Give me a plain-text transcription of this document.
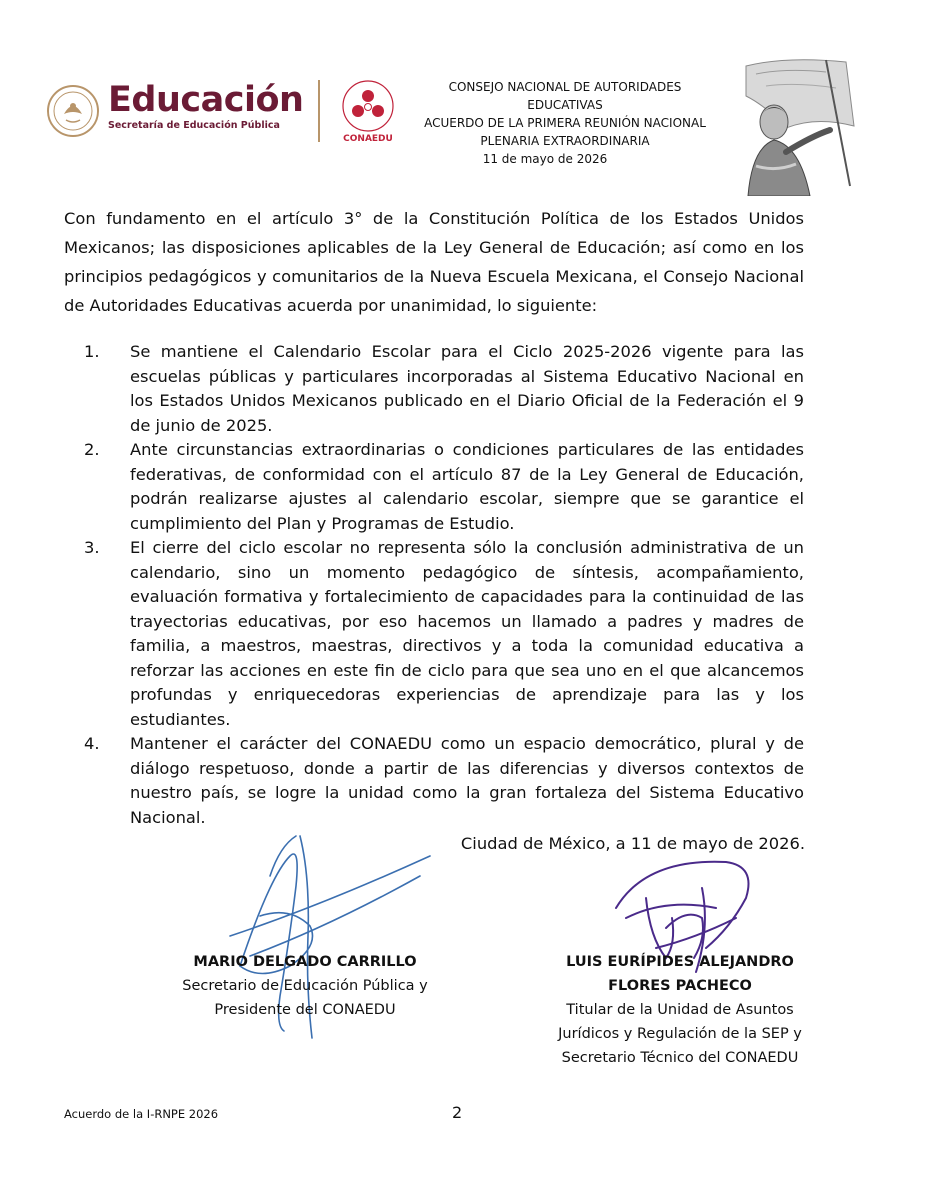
Educación
Secretaría de Educación Pública
CONAEDU
CONSEJO NACIONAL DE AUTORIDADES
EDUCATIVAS
ACUERDO DE LA PRIMERA REUNIÓN NACIONAL
PLENARIA EXTRAORDINARIA
11 de mayo de 2026
Con fundamento en el artículo 3° de la Constitución Política de los Estados Unidos Mexicanos; las disposiciones aplicables de la Ley General de Educación; así como en los principios pedagógicos y comunitarios de la Nueva Escuela Mexicana, el Consejo Nacional de Autoridades Educativas acuerda por unanimidad, lo siguiente:
1. Se mantiene el Calendario Escolar para el Ciclo 2025-2026 vigente para las escuelas públicas y particulares incorporadas al Sistema Educativo Nacional en los Estados Unidos Mexicanos publicado en el Diario Oficial de la Federación el 9 de junio de 2025.
2. Ante circunstancias extraordinarias o condiciones particulares de las entidades federativas, de conformidad con el artículo 87 de la Ley General de Educación, podrán realizarse ajustes al calendario escolar, siempre que se garantice el cumplimiento del Plan y Programas de Estudio.
3. El cierre del ciclo escolar no representa sólo la conclusión administrativa de un calendario, sino un momento pedagógico de síntesis, acompañamiento, evaluación formativa y fortalecimiento de capacidades para la continuidad de las trayectorias educativas, por eso hacemos un llamado a padres y madres de familia, a maestros, maestras, directivos y a toda la comunidad educativa a reforzar las acciones en este fin de ciclo para que sea uno en el que alcancemos profundas y enriquecedoras experiencias de aprendizaje para las y los estudiantes.
4. Mantener el carácter del CONAEDU como un espacio democrático, plural y de diálogo respetuoso, donde a partir de las diferencias y diversos contextos de nuestro país, se logre la unidad como la gran fortaleza del Sistema Educativo Nacional.
Ciudad de México, a 11 de mayo de 2026.
MARIO DELGADO CARRILLO
Secretario de Educación Pública y
Presidente del CONAEDU
LUIS EURÍPIDES ALEJANDRO
FLORES PACHECO
Titular de la Unidad de Asuntos
Jurídicos y Regulación de la SEP y
Secretario Técnico del CONAEDU
Acuerdo de la I-RNPE 2026	2
